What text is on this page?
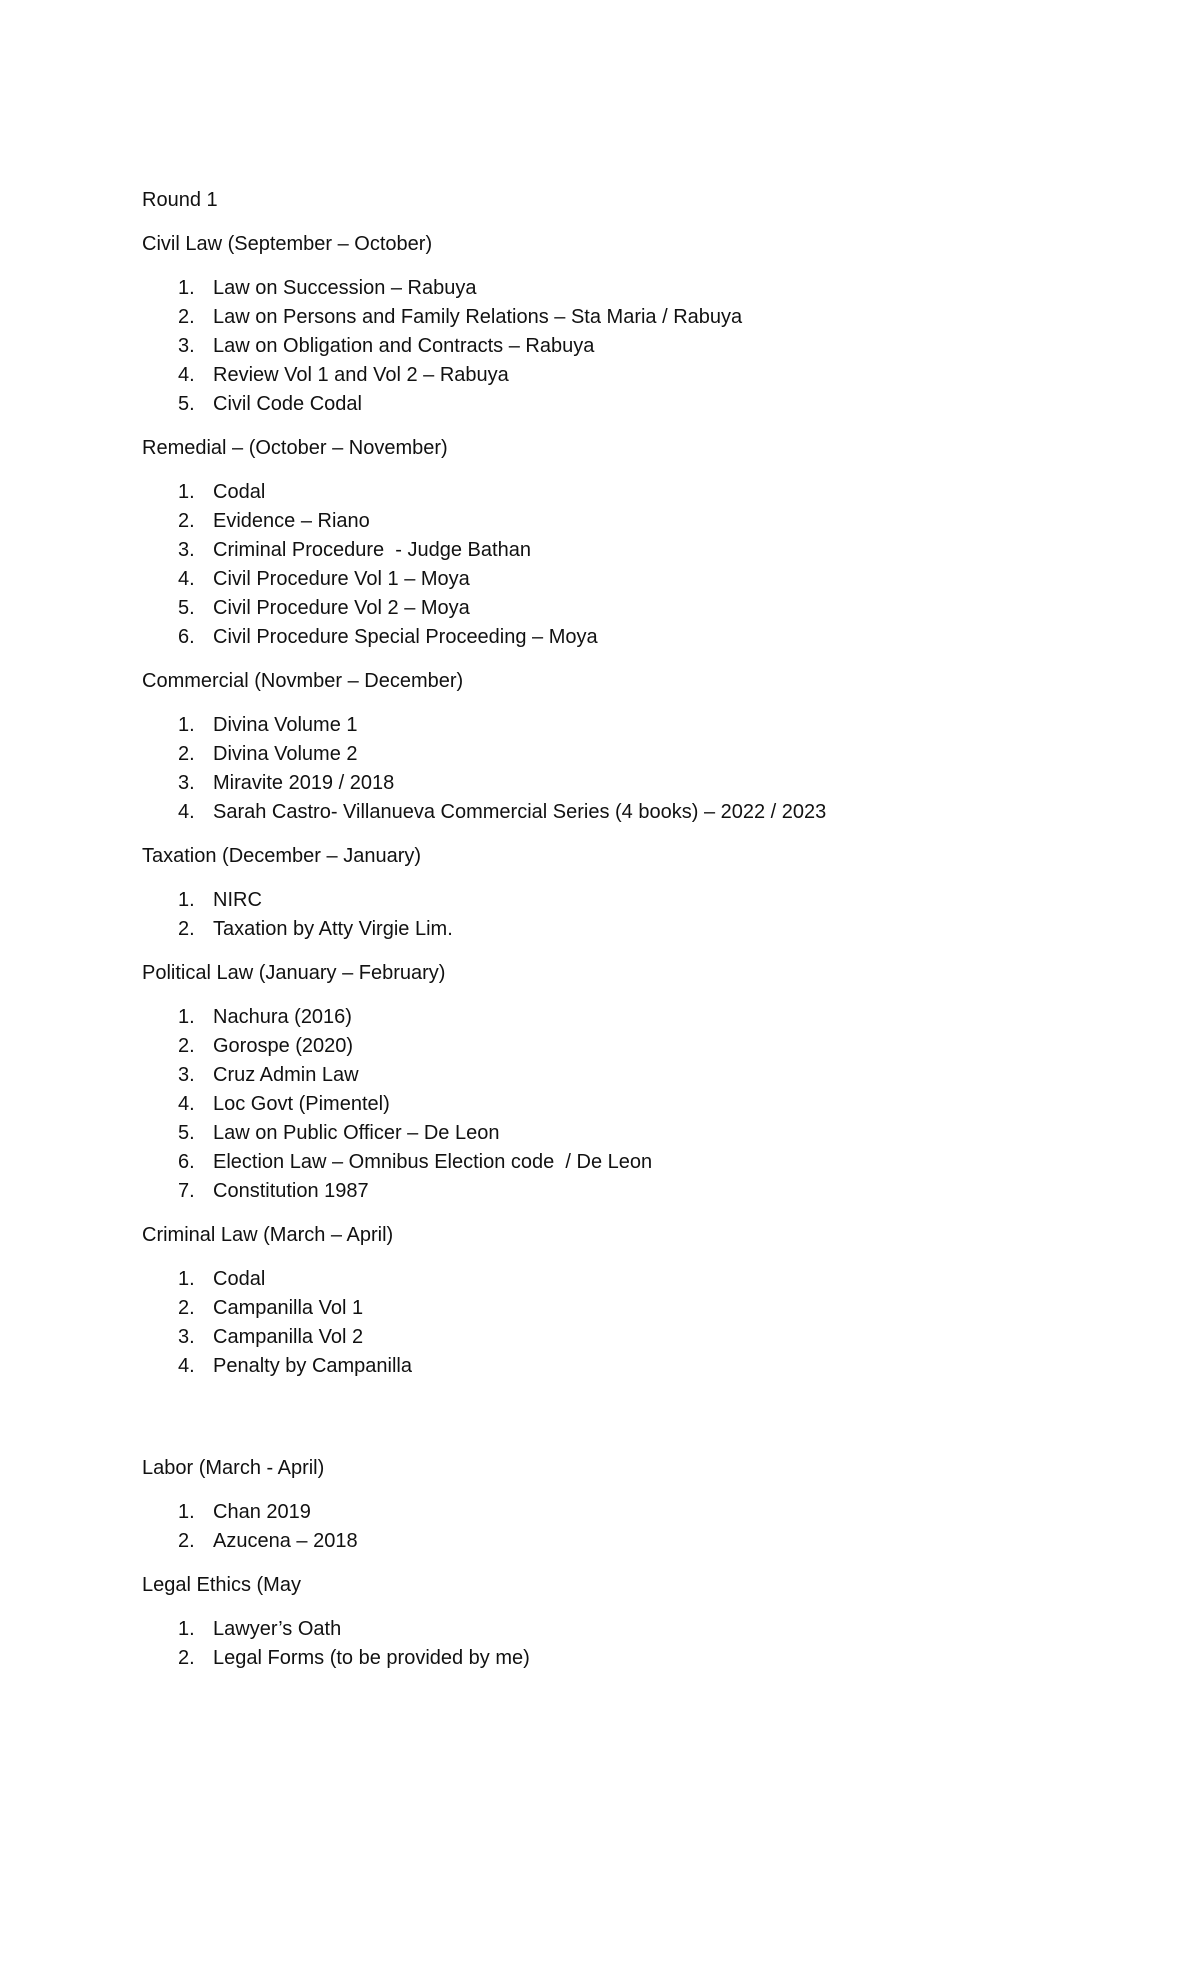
Round 1

Civil Law (September – October)

1. Law on Succession – Rabuya
2. Law on Persons and Family Relations – Sta Maria / Rabuya
3. Law on Obligation and Contracts – Rabuya
4. Review Vol 1 and Vol 2 – Rabuya
5. Civil Code Codal

Remedial – (October – November)

1. Codal
2. Evidence – Riano
3. Criminal Procedure  - Judge Bathan
4. Civil Procedure Vol 1 – Moya
5. Civil Procedure Vol 2 – Moya
6. Civil Procedure Special Proceeding – Moya

Commercial (Novmber – December)

1. Divina Volume 1
2. Divina Volume 2
3. Miravite 2019 / 2018
4. Sarah Castro- Villanueva Commercial Series (4 books) – 2022 / 2023

Taxation (December – January)

1. NIRC
2. Taxation by Atty Virgie Lim.

Political Law (January – February)

1. Nachura (2016)
2. Gorospe (2020)
3. Cruz Admin Law
4. Loc Govt (Pimentel)
5. Law on Public Officer – De Leon
6. Election Law – Omnibus Election code  / De Leon
7. Constitution 1987

Criminal Law (March – April)

1. Codal
2. Campanilla Vol 1
3. Campanilla Vol 2
4. Penalty by Campanilla

Labor (March - April)

1. Chan 2019
2. Azucena – 2018

Legal Ethics (May

1. Lawyer’s Oath
2. Legal Forms (to be provided by me)
